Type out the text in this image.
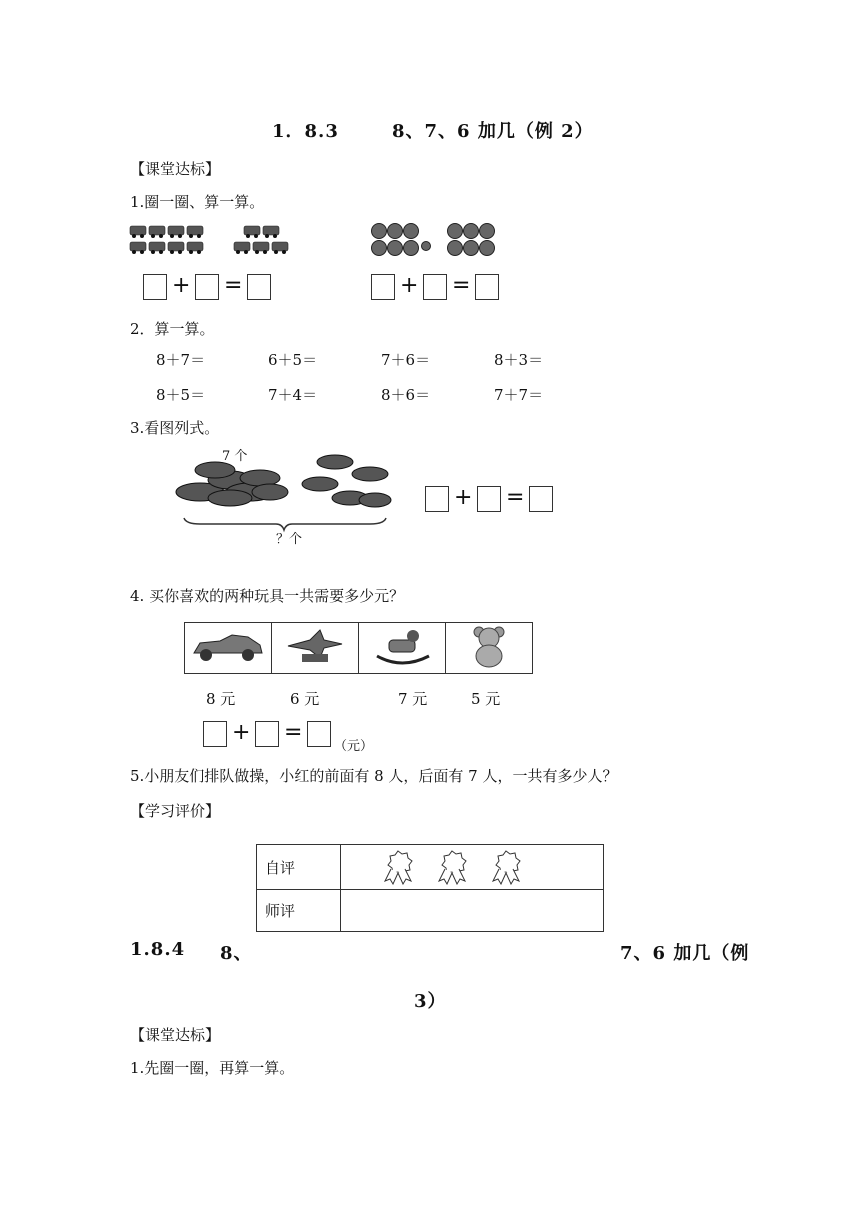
1．8.3	8、7、6 加几（例 2）
【课堂达标】
1.圈一圈、算一算。
+ =	+ =
2．算一算。
8＋7＝	6＋5＝	7＋6＝	8＋3＝
8＋5＝	7＋4＝	8＋6＝	7＋7＝
3.看图列式。
7 个
？个
+ =
4. 买你喜欢的两种玩具一共需要多少元？

8 元	6 元	7 元	5 元
+ =
（元）
5.小朋友们排队做操，小红的前面有 8 人，后面有 7 人，一共有多少人？
【学习评价】
自评	
师评	
1.8.4 8、	7、6 加几（例
3）
【课堂达标】
1.先圈一圈，再算一算。
